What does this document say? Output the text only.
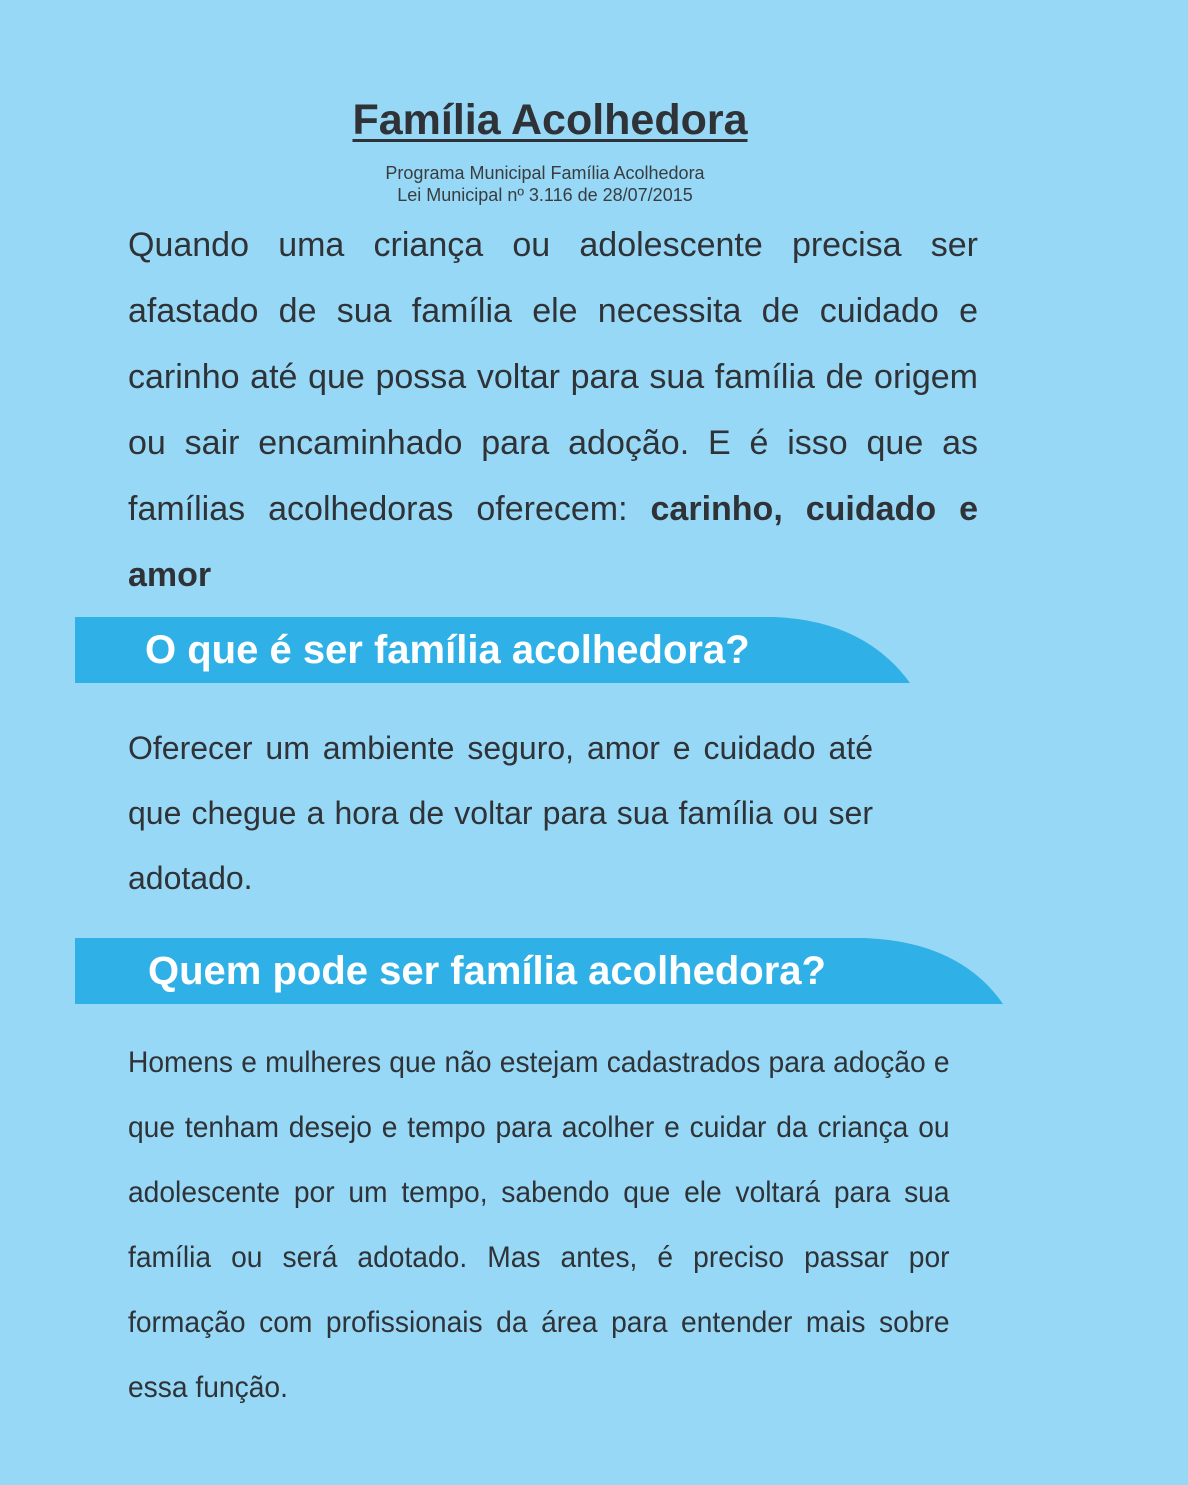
Família Acolhedora
Programa Municipal Família Acolhedora
Lei Municipal nº 3.116 de 28/07/2015

Quando uma criança ou adolescente precisa ser afastado de sua família ele necessita de cuidado e carinho até que possa voltar para sua família de origem ou sair encaminhado para adoção. E é isso que as famílias acolhedoras oferecem: carinho, cuidado e amor

O que é ser família acolhedora?

Oferecer um ambiente seguro, amor e cuidado até que chegue a hora de voltar para sua família ou ser adotado.

Quem pode ser família acolhedora?

Homens e mulheres que não estejam cadastrados para adoção e que tenham desejo e tempo para acolher e cuidar da criança ou adolescente por um tempo, sabendo que ele voltará para sua família ou será adotado. Mas antes, é preciso passar por formação com profissionais da área para entender mais sobre essa função.
